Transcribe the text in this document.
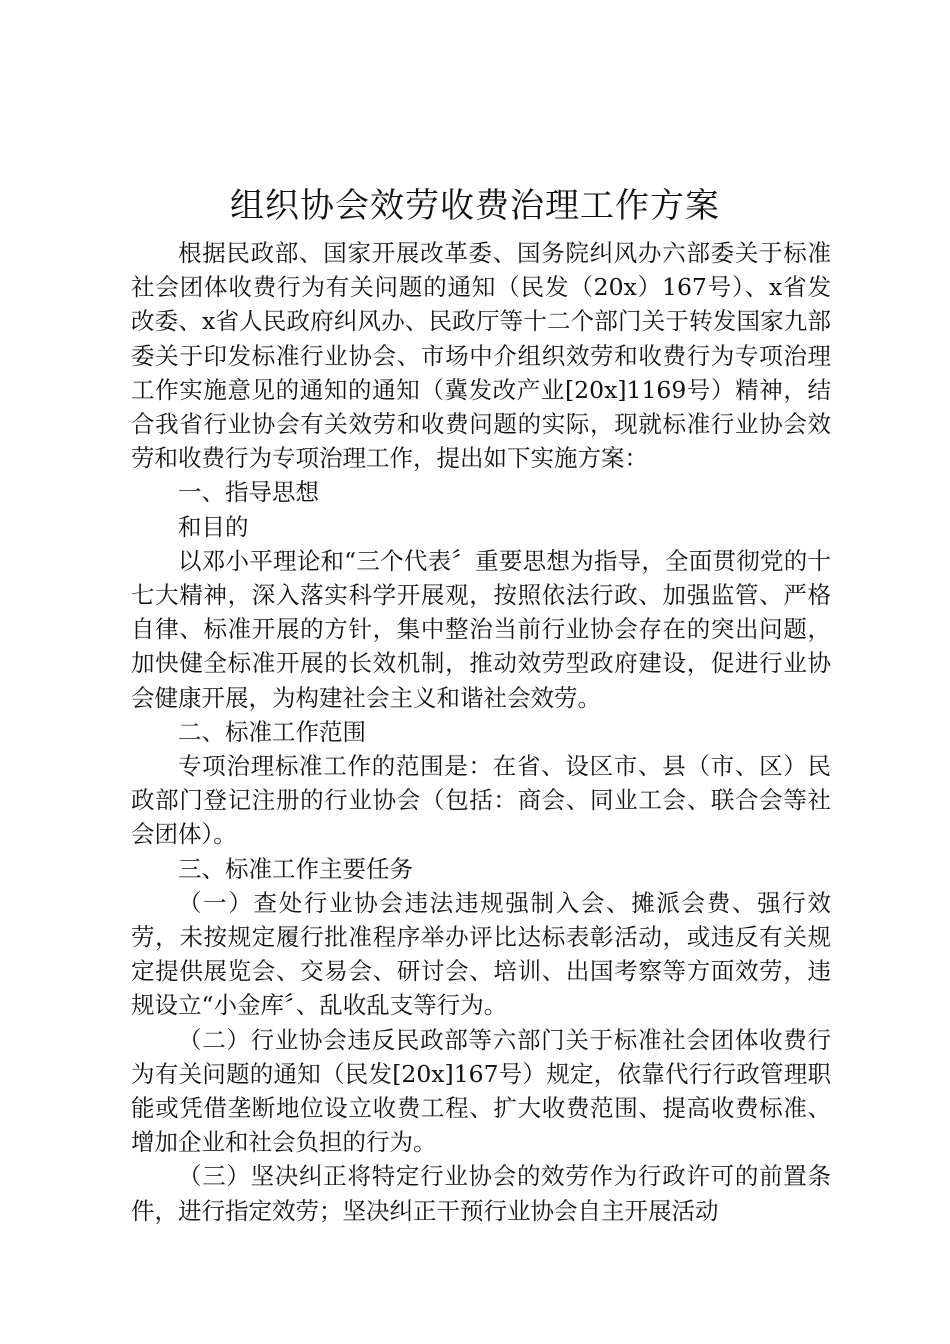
组织协会效劳收费治理工作方案

根据民政部、国家开展改革委、国务院纠风办六部委关于标准社会团体收费行为有关问题的通知（民发（20x）167号）、x省发改委、x省人民政府纠风办、民政厅等十二个部门关于转发国家九部委关于印发标准行业协会、市场中介组织效劳和收费行为专项治理工作实施意见的通知的通知（冀发改产业[20x]1169号）精神，结合我省行业协会有关效劳和收费问题的实际，现就标准行业协会效劳和收费行为专项治理工作，提出如下实施方案：

一、指导思想

和目的

以邓小平理论和“三个代表〞重要思想为指导，全面贯彻党的十七大精神，深入落实科学开展观，按照依法行政、加强监管、严格自律、标准开展的方针，集中整治当前行业协会存在的突出问题，加快健全标准开展的长效机制，推动效劳型政府建设，促进行业协会健康开展，为构建社会主义和谐社会效劳。

二、标准工作范围

专项治理标准工作的范围是：在省、设区市、县（市、区）民政部门登记注册的行业协会（包括：商会、同业工会、联合会等社会团体）。

三、标准工作主要任务

（一）查处行业协会违法违规强制入会、摊派会费、强行效劳，未按规定履行批准程序举办评比达标表彰活动，或违反有关规定提供展览会、交易会、研讨会、培训、出国考察等方面效劳，违规设立“小金库〞、乱收乱支等行为。

（二）行业协会违反民政部等六部门关于标准社会团体收费行为有关问题的通知（民发[20x]167号）规定，依靠代行行政管理职能或凭借垄断地位设立收费工程、扩大收费范围、提高收费标准、增加企业和社会负担的行为。

（三）坚决纠正将特定行业协会的效劳作为行政许可的前置条件，进行指定效劳；坚决纠正干预行业协会自主开展活动
